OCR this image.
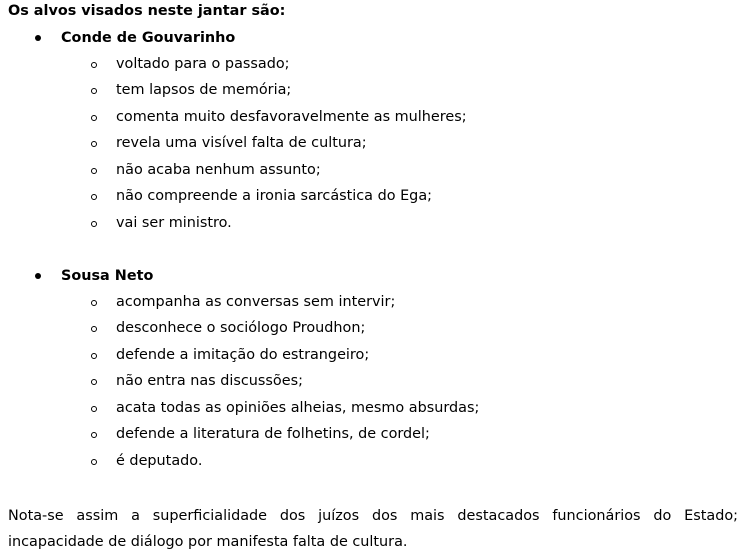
Os alvos visados neste jantar são:
Conde de Gouvarinho
voltado para o passado;
tem lapsos de memória;
comenta muito desfavoravelmente as mulheres;
revela uma visível falta de cultura;
não acaba nenhum assunto;
não compreende a ironia sarcástica do Ega;
vai ser ministro.
Sousa Neto
acompanha as conversas sem intervir;
desconhece o sociólogo Proudhon;
defende a imitação do estrangeiro;
não entra nas discussões;
acata todas as opiniões alheias, mesmo absurdas;
defende a literatura de folhetins, de cordel;
é deputado.
Nota-se assim a superficialidade dos juízos dos mais destacados funcionários do Estado; incapacidade de diálogo por manifesta falta de cultura.
